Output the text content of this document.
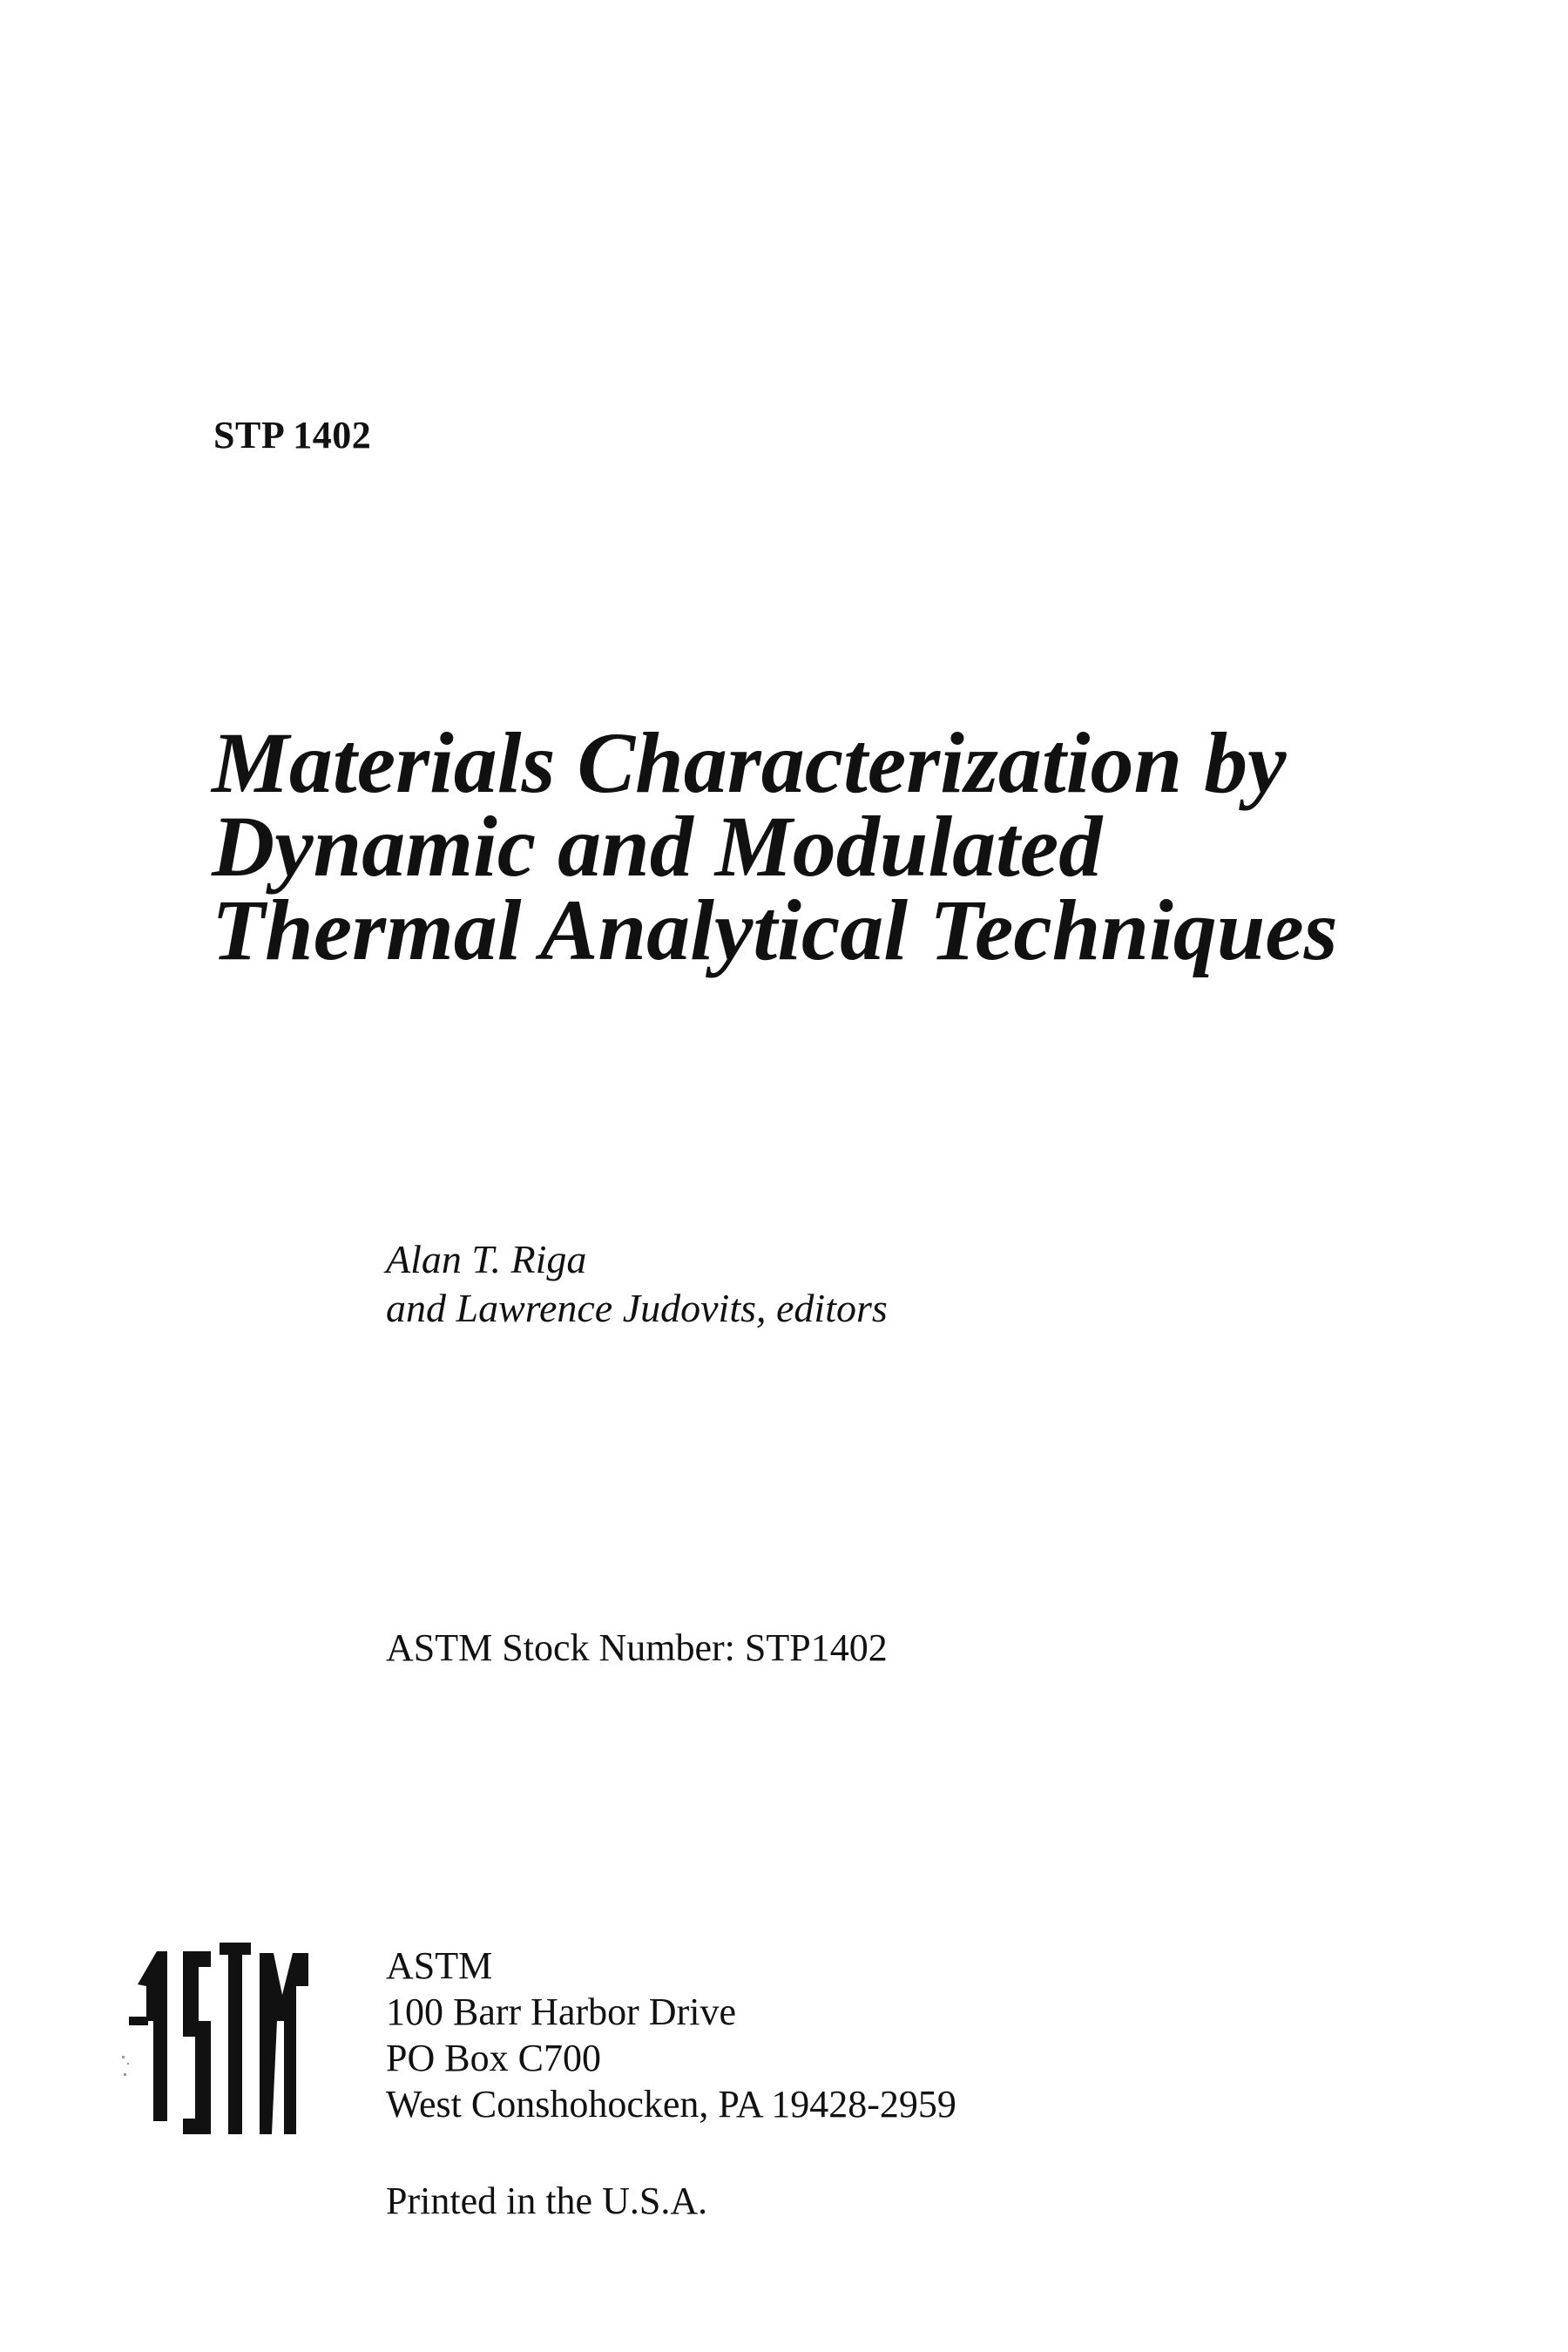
STP 1402
Materials Characterization by
Dynamic and Modulated
Thermal Analytical Techniques
Alan T. Riga
and Lawrence Judovits, editors
ASTM Stock Number: STP1402
ASTM
100 Barr Harbor Drive
PO Box C700
West Conshohocken, PA 19428-2959
Printed in the U.S.A.
